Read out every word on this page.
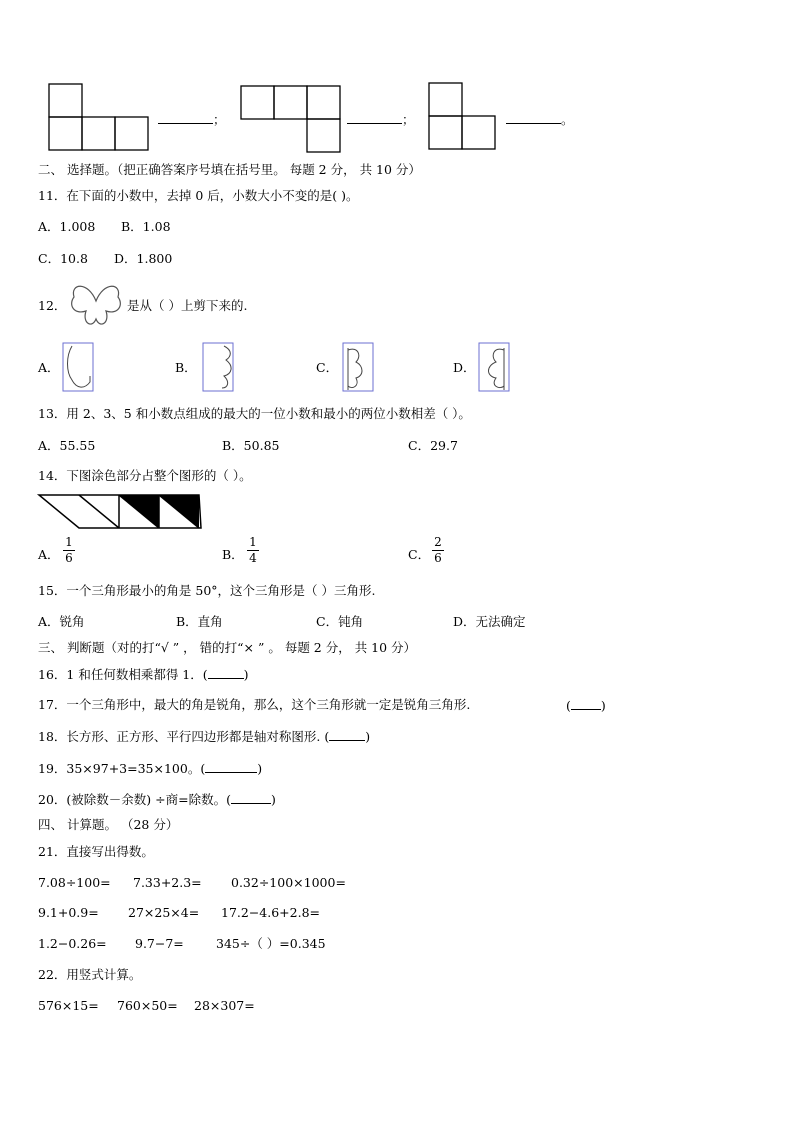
；	；	。
二、 选择题。（把正确答案序号填在括号里。 每题 2 分， 共 10 分）
11．在下面的小数中，去掉 0 后，小数大小不变的是( )。
A．1.008 B．1.08
C．10.8 D．1.800
12．	是从（ ）上剪下来的.
A．	B．	C．	D．
13．用 2、3、5 和小数点组成的最大的一位小数和最小的两位小数相差（ ）。
A．55.55	B．50.85	C．29.7
14．下图涂色部分占整个图形的（ ）。
A．
1
6	B．
1
4	C．
2
6
15．一个三角形最小的角是 50°，这个三角形是（ ）三角形.
A．锐角	B．直角	C．钝角	D．无法确定
三、 判断题（对的打“√ ” ， 错的打“× ” 。 每题 2 分， 共 10 分）
16．1 和任何数相乘都得 1．(	)
17．一个三角形中，最大的角是锐角，那么，这个三角形就一定是锐角三角形.	( )
18．长方形、正方形、平行四边形都是轴对称图形. (	)
19．35×97+3=35×100。(	)
20．(被除数－余数) ÷商=除数。(	)
四、 计算题。 （28 分）
21．直接写出得数。
7.08÷100= 7.33+2.3= 0.32÷100×1000=
9.1+0.9= 27×25×4= 17.2−4.6+2.8=
1.2−0.26= 9.7−7=	345÷（ ）=0.345
22．用竖式计算。
576×15= 760×50= 28×307=
